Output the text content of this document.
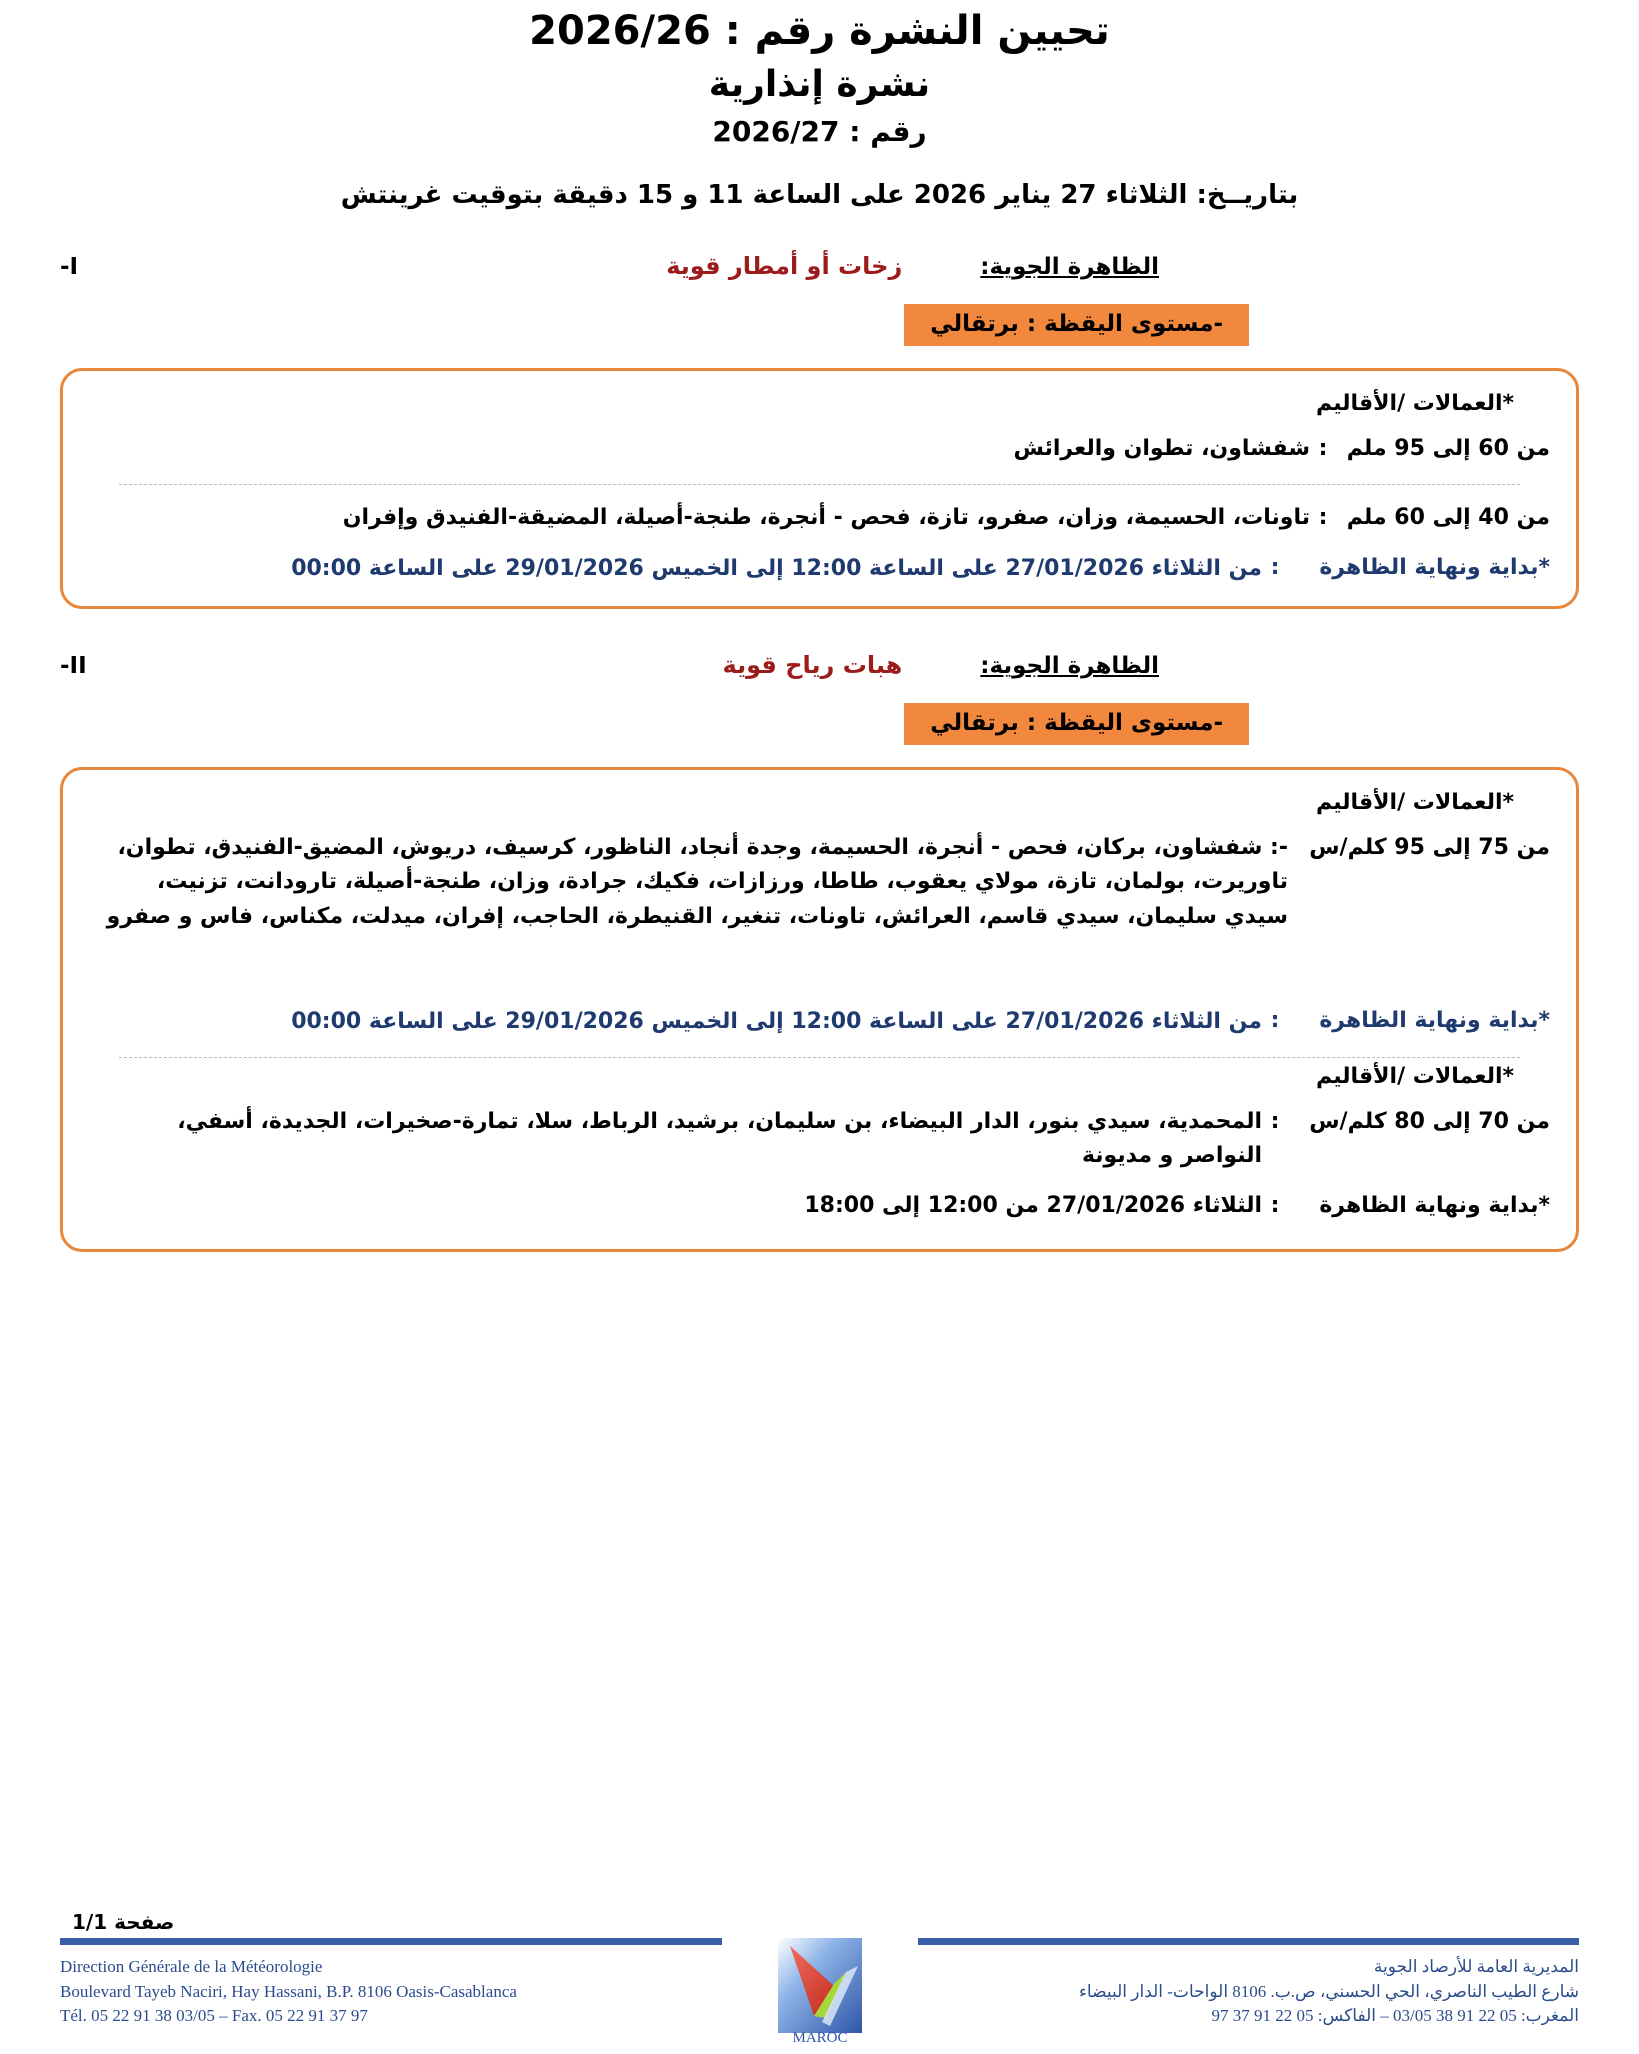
تحيين النشرة رقم : 2026/26
نشرة إنذارية
رقم : 2026/27
بتاريــخ: الثلاثاء 27 يناير 2026 على الساعة 11 و 15 دقيقة بتوقيت غرينتش
الظاهرة الجوية:
زخات أو أمطار قوية
-I
-مستوى اليقظة : برتقالي
*العمالات /الأقاليم
من 60 إلى 95 ملم
:
شفشاون، تطوان والعرائش
من 40 إلى 60 ملم
:
تاونات، الحسيمة، وزان، صفرو، تازة، فحص - أنجرة، طنجة-أصيلة، المضيقة-الفنيدق وإفران
*بداية ونهاية الظاهرة
:
من الثلاثاء 27/01/2026 على الساعة 12:00 إلى الخميس 29/01/2026 على الساعة 00:00
الظاهرة الجوية:
هبات رياح قوية
-II
-مستوى اليقظة : برتقالي
*العمالات /الأقاليم
من 75 إلى 95 كلم/س
-: شفشاون، بركان، فحص - أنجرة، الحسيمة، وجدة أنجاد، الناظور، كرسيف، دريوش، المضيق-الفنيدق، تطوان، تاوريرت، بولمان، تازة، مولاي يعقوب، طاطا، ورزازات، فكيك، جرادة، وزان، طنجة-أصيلة، تارودانت، تزنيت، سيدي سليمان، سيدي قاسم، العرائش، تاونات، تنغير، القنيطرة، الحاجب، إفران، ميدلت، مكناس، فاس و صفرو
*بداية ونهاية الظاهرة
:
من الثلاثاء 27/01/2026 على الساعة 12:00 إلى الخميس 29/01/2026 على الساعة 00:00
*العمالات /الأقاليم
من 70 إلى 80 كلم/س
:
المحمدية، سيدي بنور، الدار البيضاء، بن سليمان، برشيد، الرباط، سلا، تمارة-صخيرات، الجديدة، أسفي، النواصر و مديونة
*بداية ونهاية الظاهرة
:
الثلاثاء 27/01/2026 من 12:00 إلى 18:00
صفحة 1/1
المديرية العامة للأرصاد الجوية
شارع الطيب الناصري، الحي الحسني، ص.ب. 8106 الواحات- الدار البيضاء
المغرب: 05 22 91 38 03/05 – الفاكس: 05 22 91 37 97
MAROC
Direction Générale de la Météorologie
Boulevard Tayeb Naciri, Hay Hassani, B.P. 8106 Oasis-Casablanca
Tél. 05 22 91 38 03/05 – Fax. 05 22 91 37 97
